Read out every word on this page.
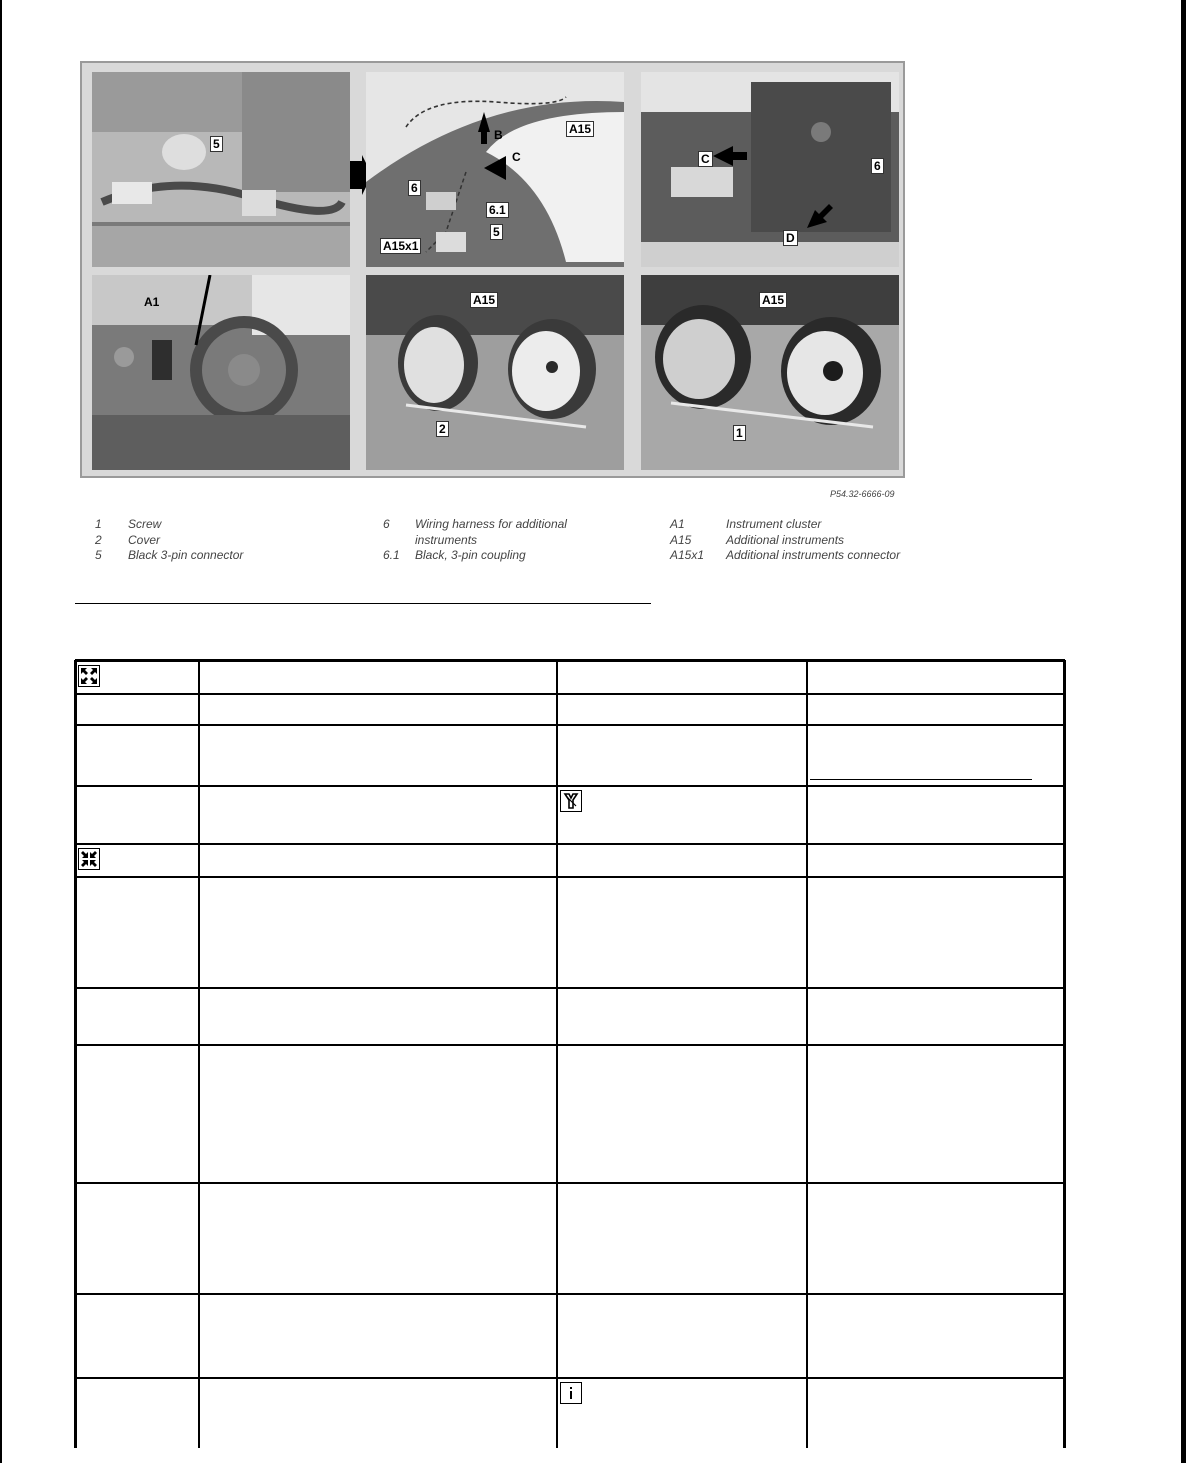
5
A15
B
C
6
6.1
5
A15x1
C	6
D
A1	A15
2
A15
1
P54.32-6666-09
1	Screw
2	Cover
5	Black 3-pin connector
6	Wiring harness for additional instruments
6.1	Black, 3-pin coupling
A1	Instrument cluster
A15	Additional instruments
A15x1	Additional instruments connector
